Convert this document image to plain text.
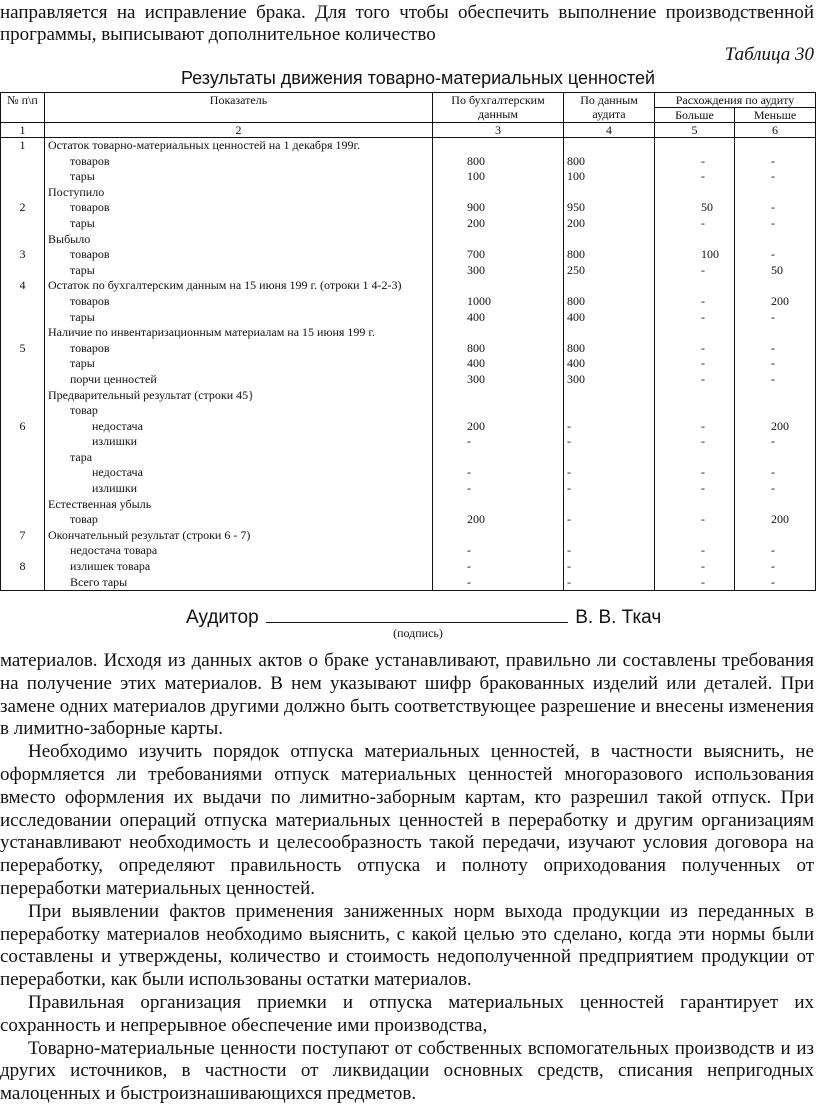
направляется на исправление брака. Для того чтобы обеспечить выполнение производственной программы, выписывают дополнительное количество
Таблица 30
Результаты движения товарно-материальных ценностей
№ п\п	Показатель	По бухгалтерским данным	По данным аудита	Расхождения по аудиту	
				Больше	Меньше
1	2	3	4	5	6
1	Остаток товарно-материальных ценностей на 1 декабря 199г.				

	товаров	800	800	-	-

	тары	100	100	-	-
	Поступило				
2	товаров	900	950	50	-

	тары	200	200	-	-
	Выбыло				
3	товаров	700	800	100	-

	тары	300	250	-	50
4	Остаток по бухгалтерским данным на 15 июня 199 г. (отроки 1 4-2-3)				

	товаров	1000	800	-	200

	тары	400	400	-	-
	Наличие по инвентаризационным материалам на 15 июня 199 г.				
5	товаров	800	800	-	-

	тары	400	400	-	-

	порчи ценностей	300	300	-	-
	Предварительный результат (строки 45}				

	товар				

6	недостача	200	-	-	200

	излишки	-	-	-	-

	тара				

	недостача	-	-	-	-

	излишки	-	-	-	-
	Естественная убыль				

	товар	200	-	-	200
7	Окончательный результат (строки 6 - 7)				

	недостача товара	-	-	-	-
8	излишек товара	-	-	-	-

	Всего тары	-	-	-	-
Аудитор	В. В. Ткач
(подпись)

материалов. Исходя из данных актов о браке устанавливают, правильно ли составлены требования на получение этих материалов. В нем указывают шифр бракованных изделий или деталей. При замене одних материалов другими должно быть соответствующее разрешение и внесены изменения в лимитно-заборные карты.

Необходимо изучить порядок отпуска материальных ценностей, в частности выяснить, не оформляется ли требованиями отпуск материальных ценностей многоразового использования вместо оформления их выдачи по лимитно-заборным картам, кто разрешил такой отпуск. При исследовании операций отпуска материальных ценностей в переработку и другим организациям устанавливают необходимость и целесообразность такой передачи, изучают условия договора на переработку, определяют правильность отпуска и полноту оприходования полученных от переработки материальных ценностей.

При выявлении фактов применения заниженных норм выхода продукции из переданных в переработку материалов необходимо выяснить, с какой целью это сделано, когда эти нормы были составлены и утверждены, количество и стоимость недополученной предприятием продукции от переработки, как были использованы остатки материалов.

Правильная организация приемки и отпуска материальных ценностей гарантирует их сохранность и непрерывное обеспечение ими производства,

Товарно-материальные ценности поступают от собственных вспомогательных производств и из других источников, в частности от ликвидации основных средств, списания непригодных малоценных и быстроизнашивающихся предметов.
